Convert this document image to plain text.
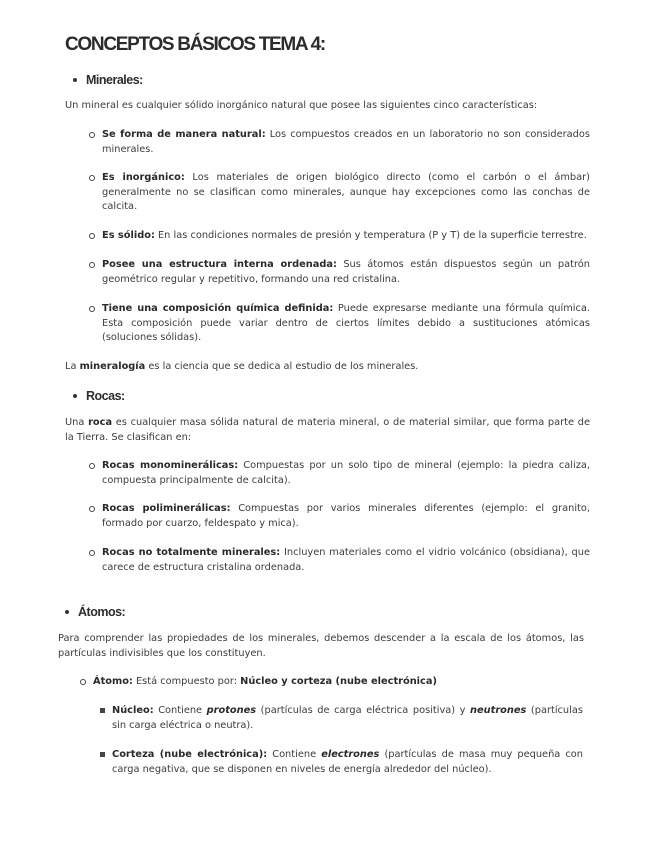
CONCEPTOS BÁSICOS TEMA 4:
Minerales:
Un mineral es cualquier sólido inorgánico natural que posee las siguientes cinco características:
Se forma de manera natural: Los compuestos creados en un laboratorio no son considerados minerales.
Es inorgánico: Los materiales de origen biológico directo (como el carbón o el ámbar) generalmente no se clasifican como minerales, aunque hay excepciones como las conchas de calcita.
Es sólido: En las condiciones normales de presión y temperatura (P y T) de la superficie terrestre.
Posee una estructura interna ordenada: Sus átomos están dispuestos según un patrón geométrico regular y repetitivo, formando una red cristalina.
Tiene una composición química definida: Puede expresarse mediante una fórmula química. Esta composición puede variar dentro de ciertos límites debido a sustituciones atómicas (soluciones sólidas).
La mineralogía es la ciencia que se dedica al estudio de los minerales.
Rocas:
Una roca es cualquier masa sólida natural de materia mineral, o de material similar, que forma parte de la Tierra. Se clasifican en:
Rocas monominerálicas: Compuestas por un solo tipo de mineral (ejemplo: la piedra caliza, compuesta principalmente de calcita).
Rocas poliminerálicas: Compuestas por varios minerales diferentes (ejemplo: el granito, formado por cuarzo, feldespato y mica).
Rocas no totalmente minerales: Incluyen materiales como el vidrio volcánico (obsidiana), que carece de estructura cristalina ordenada.
Átomos:
Para comprender las propiedades de los minerales, debemos descender a la escala de los átomos, las partículas indivisibles que los constituyen.
Átomo: Está compuesto por: Núcleo y corteza (nube electrónica)
Núcleo: Contiene protones (partículas de carga eléctrica positiva) y neutrones (partículas sin carga eléctrica o neutra).
Corteza (nube electrónica): Contiene electrones (partículas de masa muy pequeña con carga negativa, que se disponen en niveles de energía alrededor del núcleo).
